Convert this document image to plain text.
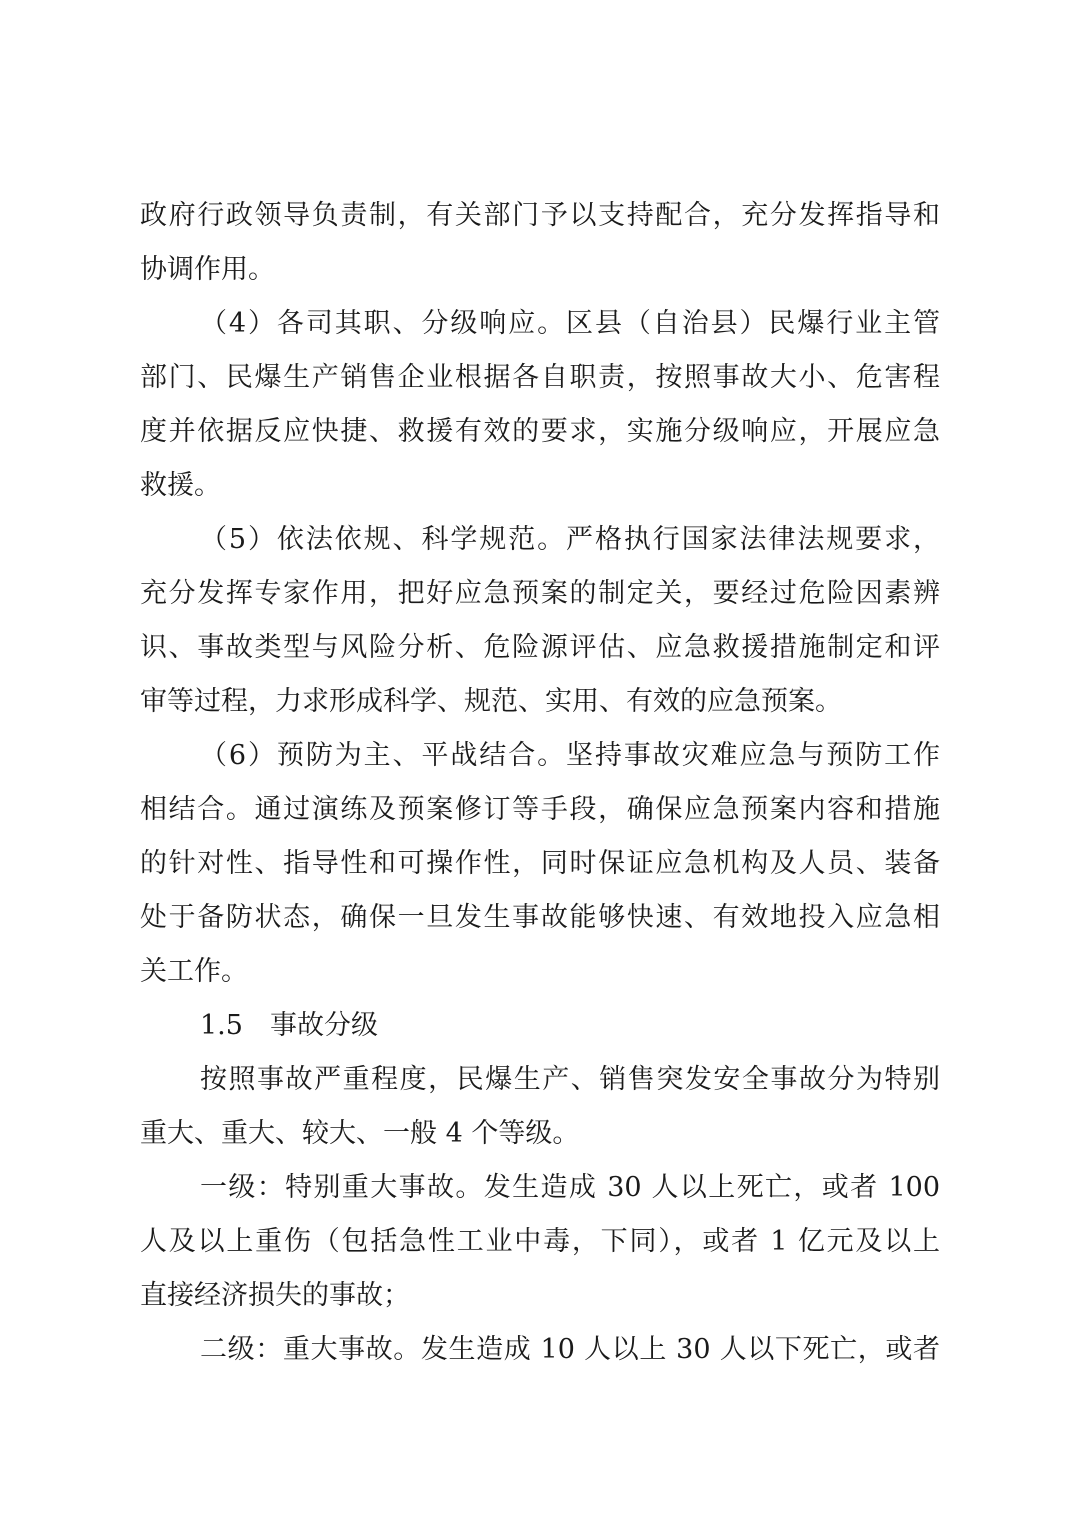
政府行政领导负责制，有关部门予以支持配合，充分发挥指导和
协调作用。
（4）各司其职、分级响应。区县（自治县）民爆行业主管
部门、民爆生产销售企业根据各自职责，按照事故大小、危害程
度并依据反应快捷、救援有效的要求，实施分级响应，开展应急
救援。
（5）依法依规、科学规范。严格执行国家法律法规要求，
充分发挥专家作用，把好应急预案的制定关，要经过危险因素辨
识、事故类型与风险分析、危险源评估、应急救援措施制定和评
审等过程，力求形成科学、规范、实用、有效的应急预案。
（6）预防为主、平战结合。坚持事故灾难应急与预防工作
相结合。通过演练及预案修订等手段，确保应急预案内容和措施
的针对性、指导性和可操作性，同时保证应急机构及人员、装备
处于备防状态，确保一旦发生事故能够快速、有效地投入应急相
关工作。
1.5　事故分级
按照事故严重程度，民爆生产、销售突发安全事故分为特别
重大、重大、较大、一般 4 个等级。
一级：特别重大事故。发生造成 30 人以上死亡，或者 100
人及以上重伤（包括急性工业中毒，下同），或者 1 亿元及以上
直接经济损失的事故；
二级：重大事故。发生造成 10 人以上 30 人以下死亡，或者
